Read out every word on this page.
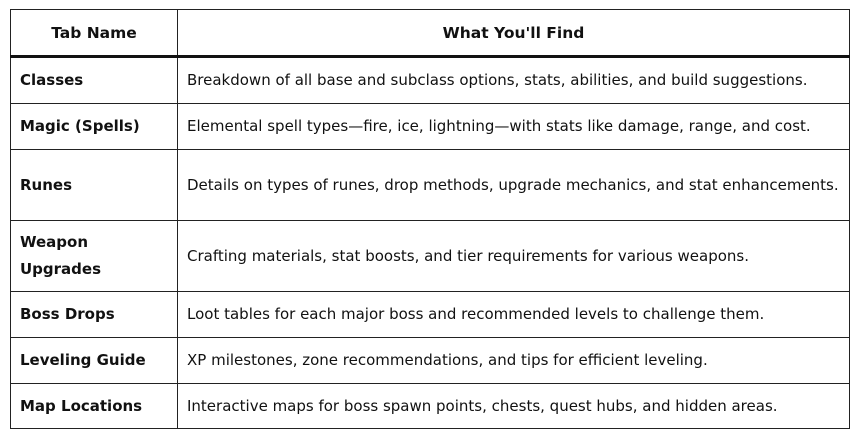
Tab Name	What You'll Find
Classes	Breakdown of all base and subclass options, stats, abilities, and build suggestions.
Magic (Spells)	Elemental spell types—fire, ice, lightning—with stats like damage, range, and cost.
Runes	Details on types of runes, drop methods, upgrade mechanics, and stat enhancements.
Weapon Upgrades	Crafting materials, stat boosts, and tier requirements for various weapons.
Boss Drops	Loot tables for each major boss and recommended levels to challenge them.
Leveling Guide	XP milestones, zone recommendations, and tips for efficient leveling.
Map Locations	Interactive maps for boss spawn points, chests, quest hubs, and hidden areas.
